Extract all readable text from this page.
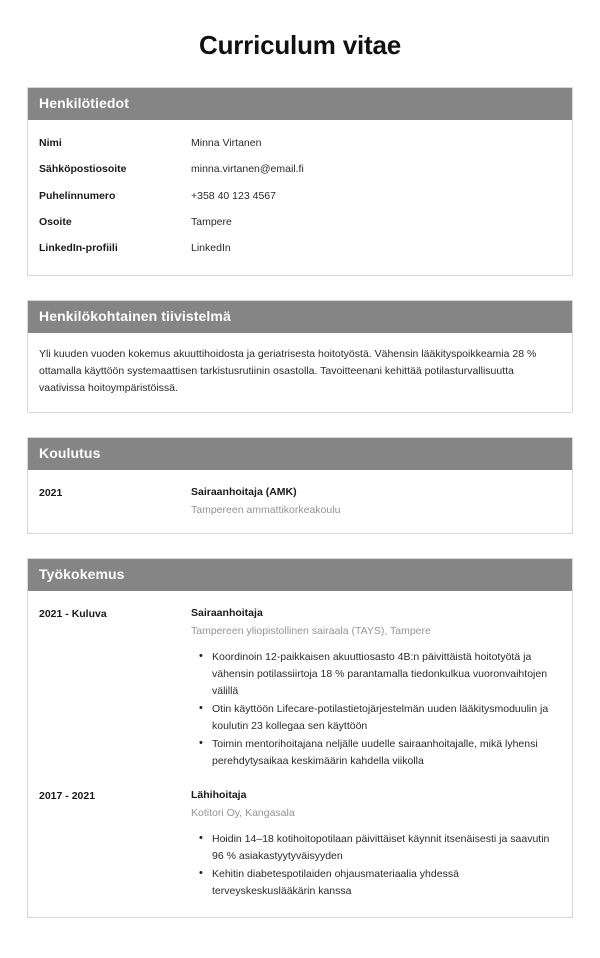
Curriculum vitae
Henkilötiedot
Nimi	Minna Virtanen
Sähköpostiosoite	minna.virtanen@email.fi
Puhelinnumero	+358 40 123 4567
Osoite	Tampere
LinkedIn-profiili	LinkedIn
Henkilökohtainen tiivistelmä

Yli kuuden vuoden kokemus akuuttihoidosta ja geriatrisesta hoitotyöstä. Vähensin lääkityspoikkeamia 28 % ottamalla käyttöön systemaattisen tarkistusrutiinin osastolla. Tavoitteenani kehittää potilasturvallisuutta vaativissa hoitoympäristöissä.

Koulutus
2021	Sairaanhoitaja (AMK)
Tampereen ammattikorkeakoulu
Työkokemus
2021 - Kuluva	Sairaanhoitaja
Tampereen yliopistollinen sairaala (TAYS), Tampere
• Koordinoin 12-paikkaisen akuuttiosasto 4B:n päivittäistä hoitotyötä ja vähensin potilassiirtoja 18 % parantamalla tiedonkulkua vuoronvaihtojen välillä
• Otin käyttöön Lifecare-potilastietojärjestelmän uuden lääkitysmoduulin ja koulutin 23 kollegaa sen käyttöön
• Toimin mentorihoitajana neljälle uudelle sairaanhoitajalle, mikä lyhensi perehdytysaikaa keskimäärin kahdella viikolla
2017 - 2021	Lähihoitaja
Kotitori Oy, Kangasala
• Hoidin 14–18 kotihoitopotilaan päivittäiset käynnit itsenäisesti ja saavutin 96 % asiakastyytyväisyyden
• Kehitin diabetespotilaiden ohjausmateriaalia yhdessä terveyskeskuslääkärin kanssa
